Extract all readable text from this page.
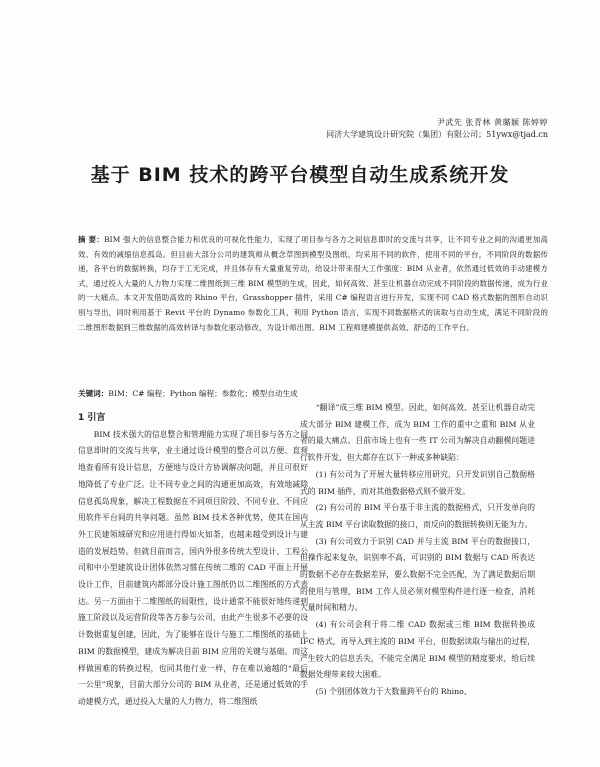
尹武先 张青林 黄璐颖 陈婷婷
同济大学建筑设计研究院（集团）有限公司；51ywx@tjad.cn
基于 BIM 技术的跨平台模型自动生成系统开发
摘 要：BIM 强大的信息整合能力和优良的可视化性能力，实现了项目参与各方之间信息即时的交流与共享，让不同专业之间的沟通更加高效、有效的减缩信息孤岛。但目前大部分公司的建筑师从概念草图到模型及图纸，均采用不同的软件，使用不同的平台，不同阶段的数据传递，各平台的数据转换，均存于工无完成，并且体存有大量重复劳动，给设计带来很大工作强度：BIM 从业者，依然通过低效的手动建模方式，通过投入大量的人力物力实现二维图纸到三维 BIM 模型的生成，因此，如何高效、甚至让机器自动完成不同阶段的数据传递，成为行业的一大痛点。本文开发借助高效的 Rhino 平台，Grasshopper 插件，采用 C# 编程语言进行开发，实现不同 CAD 格式数据的图形自动识别与导出，同时利用基于 Revit 平台的 Dynamo 参数化工具，利用 Python 语言，实现不同数据格式的读取与自动生成，满足不同阶段的二维图形数据到三维数据的高效转译与参数化驱动修改，为设计师出图、BIM 工程师建模提供高效、舒适的工作平台。
关键词：BIM；C# 编程；Python 编程；参数化；模型自动生成

1 引言

BIM 技术强大的信息整合和管理能力实现了项目参与各方之间信息即时的交流与共享，业主通过设计模型的整合可以方便、直观地查看所有设计信息，方便地与设计方协调解决问题，并且可很好地降低了专业广泛。让不同专业之间的沟通更加高效，有效地减除信息孤岛现象，解决工程数据在不同项目阶段、不同专业、不同应用软件平台间的共享问题。虽然 BIM 技术各种优势，使其在国内外工民建领域研究和应用进行得如火如荼，也越来越受到设计与建造的发展趋势。但就目前而言，国内外很多传统大型设计、工程公司和中小型建筑设计团体依然习惯在传统二维的 CAD 平面上开展设计工作，目前建筑内都部分设计施工图纸仍以二维图纸的方式表达。另一方面由于二维图纸的局限性，设计通常不能很好地传递到施工阶段以及运营阶段等各方参与公司，由此产生很多不必要的设计数据重复创建，因此，为了能够在设计与施工二维图纸的基础上 BIM 的数据模型，建成为解决目前 BIM 应用的关键与基础。而这样做困难的转换过程，也同其他行业一样，存在难以逾越的“最后一公里”现象，目前大部分公司的 BIM 从业者，还是通过低效的手动建模方式，通过投入大量的人力物力，将二维图纸

“翻译”成三维 BIM 模型。因此，如何高效、甚至让机器自动完成大部分 BIM 建模工作，成为 BIM 工作的重中之重和 BIM 从业者的最大痛点。目前市场上也有一些 IT 公司为解决自动翻模问题进行软件开发，但大都存在以下一种或多种缺陷：

(1) 有公司为了开展大量转移应用研究，只开发识别自己数据格式的 BIM 插件，而对其他数据格式则不做开发。

(2) 有公司的 BIM 平台基于非主流的数据格式，只开发单向的从主流 BIM 平台读取数据的接口，而反向的数据转换则无能为力。

(3) 有公司致力于识别 CAD 并与主流 BIM 平台的数据接口，但操作起来复杂，识别率不高，可识别的 BIM 数据与 CAD 所表达的数据不必存在数据差异，要么数据不完全匹配，为了满足数据后期的使用与管理，BIM 工作人员必须对模型构件进行逐一检查，消耗大量时间和精力。

(4) 有公司会利于将二维 CAD 数据或三维 BIM 数据转换成 IFC 格式，再导入到主流的 BIM 平台，但数据读取与输出的过程，产生较大的信息丢失，不能完全满足 BIM 模型的精度要求，给后续数据处理带来较大困难。

(5) 个别团体效力于大数量跨平台的 Rhino、
